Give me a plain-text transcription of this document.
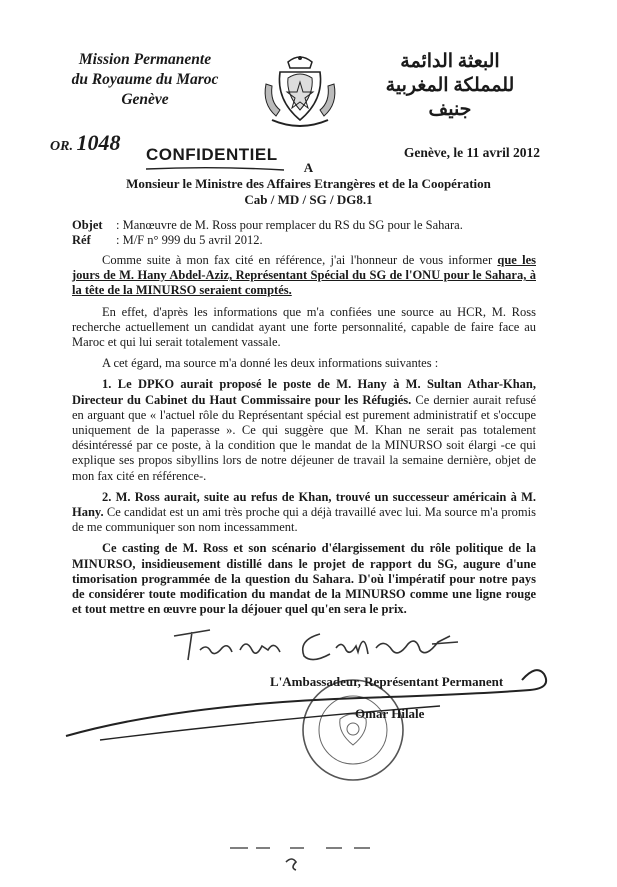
Mission Permanente
du Royaume du Maroc
Genève
البعثة الدائمة
للمملكة المغربية
جنيف
OR. 1048 CONFIDENTIEL	Genève, le 11 avril 2012
A
Monsieur le Ministre des Affaires Etrangères et de la Coopération
Cab / MD / SG / DG8.1
Objet : Manœuvre de M. Ross pour remplacer du RS du SG pour le Sahara.
Réf : M/F n° 999 du 5 avril 2012.

Comme suite à mon fax cité en référence, j'ai l'honneur de vous informer que les jours de M. Hany Abdel-Aziz, Représentant Spécial du SG de l'ONU pour le Sahara, à la tête de la MINURSO seraient comptés.

En effet, d'après les informations que m'a confiées une source au HCR, M. Ross recherche actuellement un candidat ayant une forte personnalité, capable de faire face au Maroc et qui lui serait totalement vassale.

A cet égard, ma source m'a donné les deux informations suivantes :

1. Le DPKO aurait proposé le poste de M. Hany à M. Sultan Athar-Khan, Directeur du Cabinet du Haut Commissaire pour les Réfugiés. Ce dernier aurait refusé en arguant que « l'actuel rôle du Représentant spécial est purement administratif et s'occupe uniquement de la paperasse ». Ce qui suggère que M. Khan ne serait pas totalement désintéressé par ce poste, à la condition que le mandat de la MINURSO soit élargi -ce qui explique ses propos sibyllins lors de notre déjeuner de travail la semaine dernière, objet de mon fax cité en référence-.

2. M. Ross aurait, suite au refus de Khan, trouvé un successeur américain à M. Hany. Ce candidat est un ami très proche qui a déjà travaillé avec lui. Ma source m'a promis de me communiquer son nom incessamment.

Ce casting de M. Ross et son scénario d'élargissement du rôle politique de la MINURSO, insidieusement distillé dans le projet de rapport du SG, augure d'une timorisation programmée de la question du Sahara. D'où l'impératif pour notre pays de considérer toute modification du mandat de la MINURSO comme une ligne rouge et tout mettre en œuvre pour la déjouer quel qu'en sera le prix.

L'Ambassadeur, Représentant Permanent
Omar Hilale
